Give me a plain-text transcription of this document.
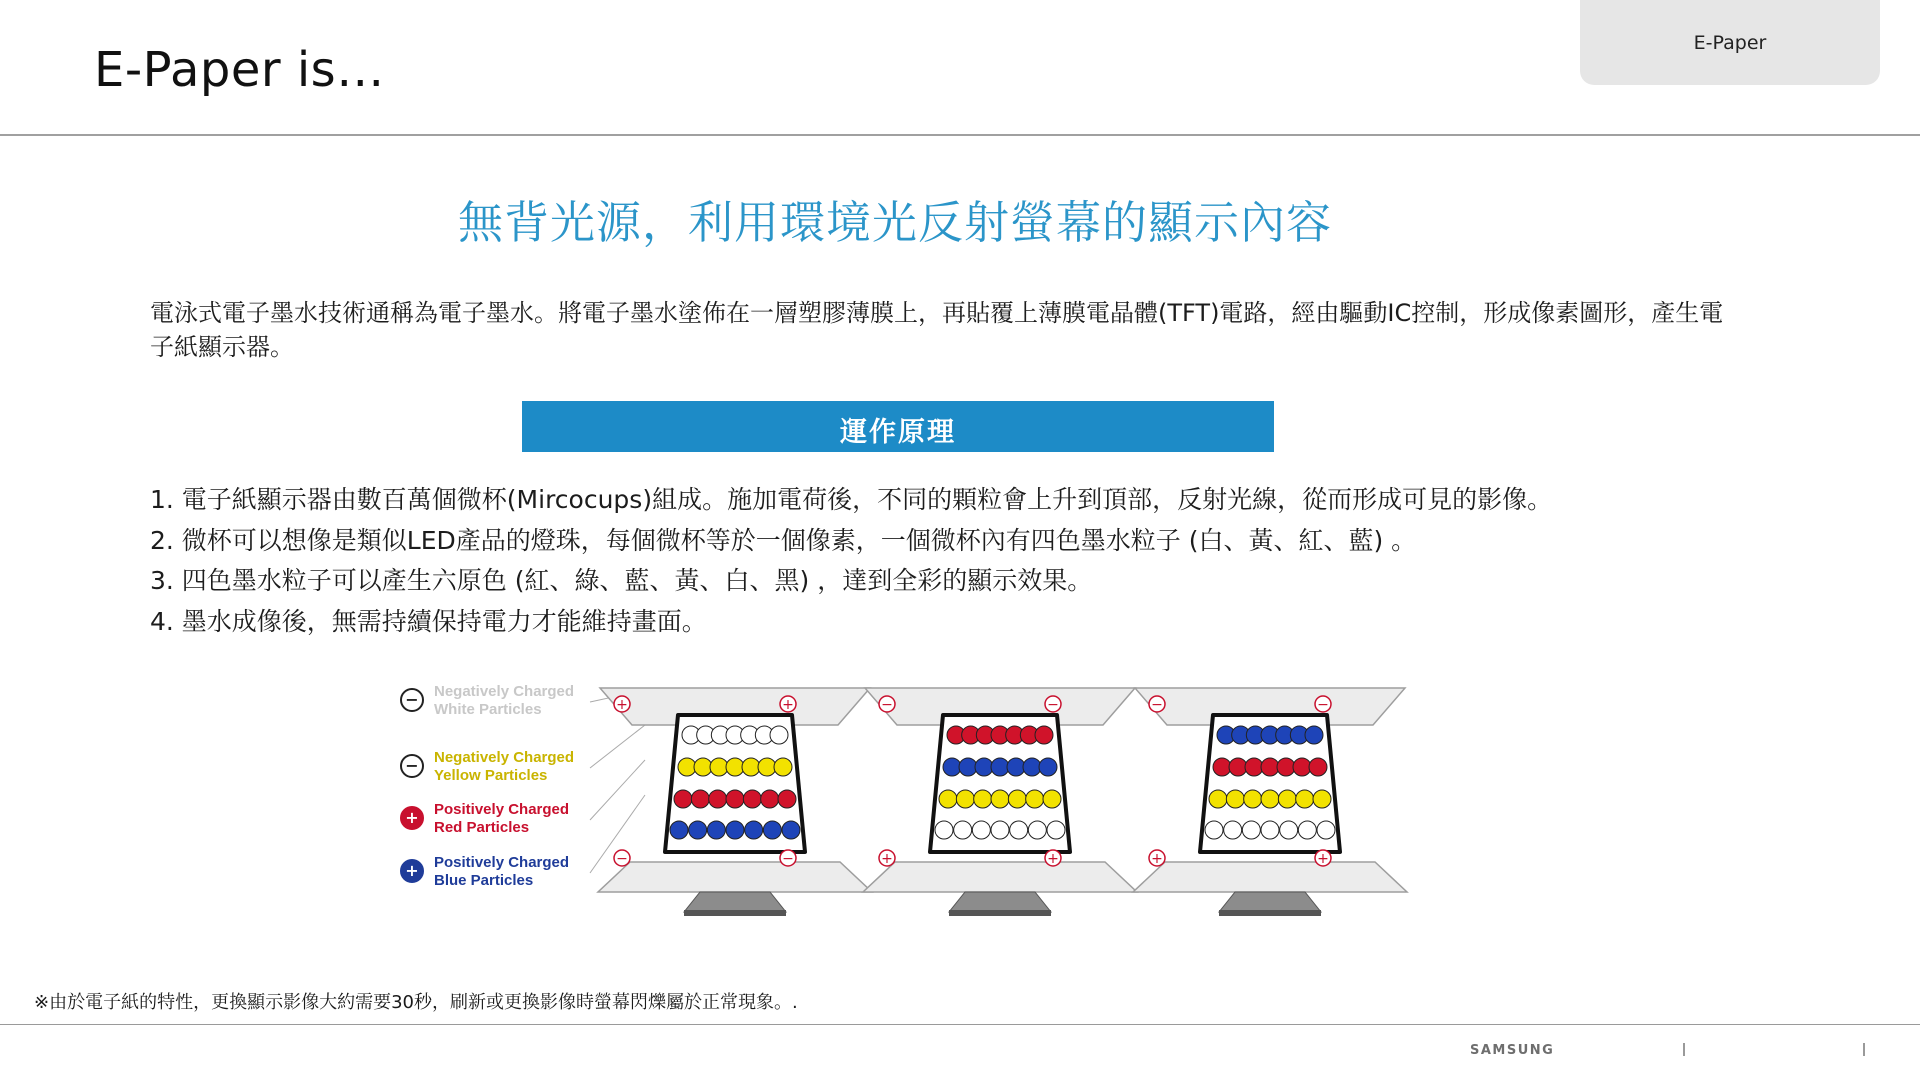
E-Paper is…	E-Paper
無背光源，利用環境光反射螢幕的顯示內容
電泳式電子墨水技術通稱為電子墨水。將電子墨水塗佈在一層塑膠薄膜上，再貼覆上薄膜電晶體(TFT)電路，經由驅動IC控制，形成像素圖形，產生電子紙顯示器。
運作原理
1. 電子紙顯示器由數百萬個微杯(Mircocups)組成。施加電荷後，不同的顆粒會上升到頂部，反射光線，從而形成可見的影像。
2. 微杯可以想像是類似LED產品的燈珠，每個微杯等於一個像素，一個微杯內有四色墨水粒子 (白、黃、紅、藍) 。
3. 四色墨水粒子可以產生六原色 (紅、綠、藍、黃、白、黑) ，達到全彩的顯示效果。
4. 墨水成像後，無需持續保持電力才能維持畫面。
− Negatively Charged
White Particles
− Negatively Charged
Yellow Particles
+ Positively Charged
Red Particles
+ Positively Charged
Blue Particles
+	+
−	−
−	−
+	+
−	−
+	+
※由於電子紙的特性，更換顯示影像大約需要30秒，刷新或更換影像時螢幕閃爍屬於正常現象。.
SAMSUNG
